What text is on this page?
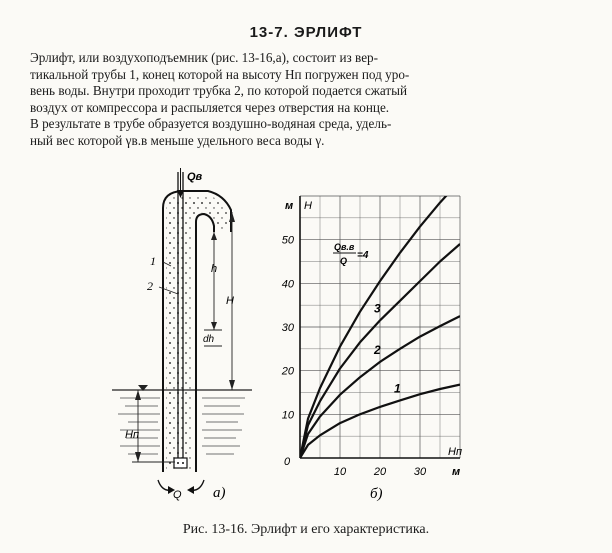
13-7. ЭРЛИФТ
Эрлифт, или воздухоподъемник (рис. 13-16,а), состоит из вер-
тикальной трубы 1, конец которой на высоту Hп погружен под уро-
вень воды. Внутри проходит трубка 2, по которой подается сжатый
воздух от компрессора и распыляется через отверстия на конце.
В результате в трубе образуется воздушно-водяная среда, удель-
ный вес которой γв.в меньше удельного веса воды γ.
Qв
1
2
h
H
dh
Hп
Q а)
10	20	30
10
20
30
40
50
1
2
3
м H
Hп
м
0
Qв.в
Q =4
б)
Рис. 13-16. Эрлифт и его характеристика.
